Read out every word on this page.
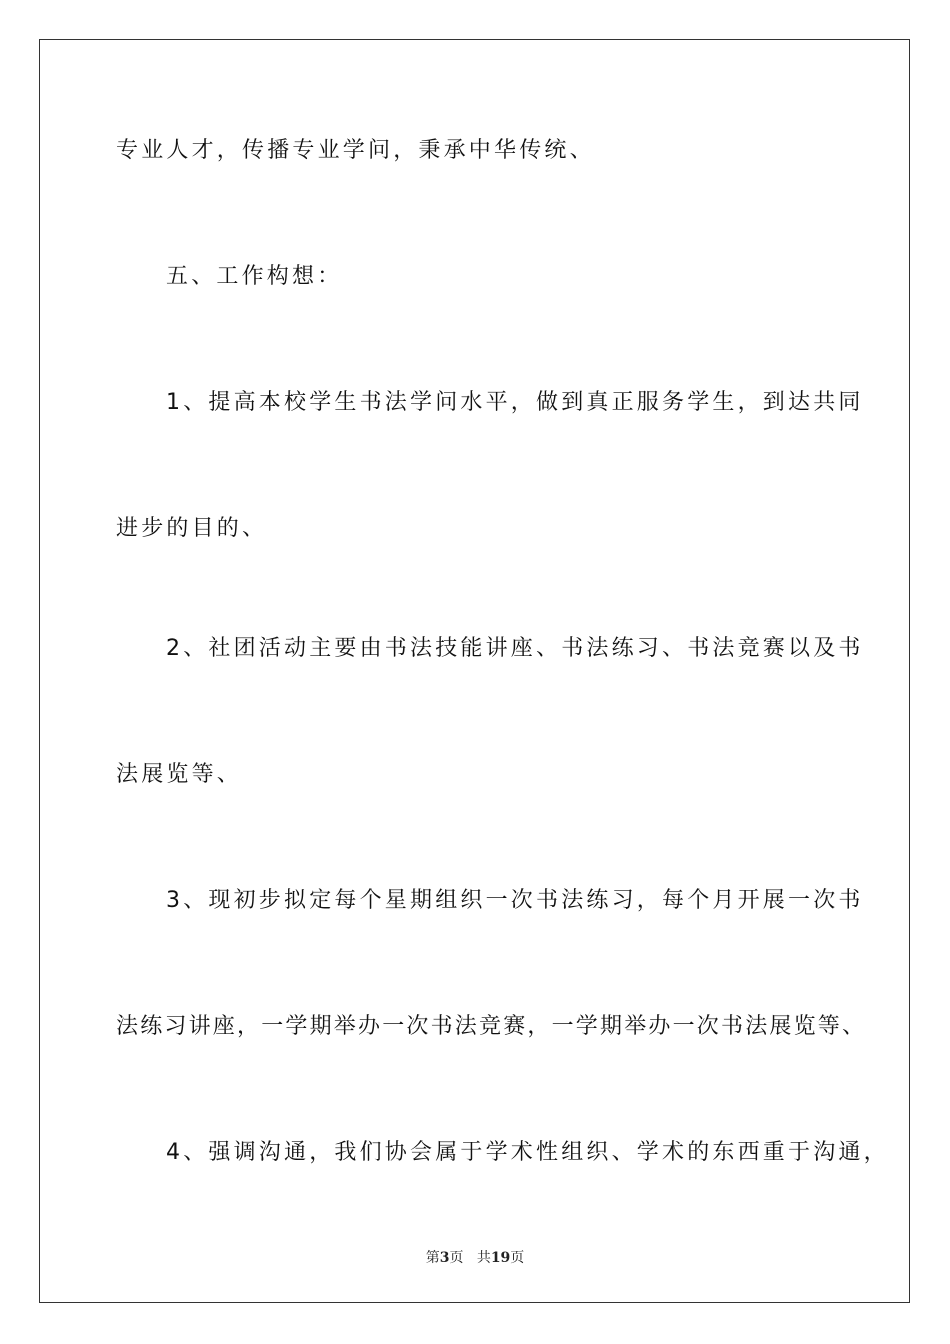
专业人才，传播专业学问，秉承中华传统、
五、工作构想：
1、提高本校学生书法学问水平，做到真正服务学生，到达共同
进步的目的、
2、社团活动主要由书法技能讲座、书法练习、书法竞赛以及书
法展览等、
3、现初步拟定每个星期组织一次书法练习，每个月开展一次书
法练习讲座，一学期举办一次书法竞赛，一学期举办一次书法展览等、
4、强调沟通，我们协会属于学术性组织、学术的东西重于沟通，
第3页 共19页
